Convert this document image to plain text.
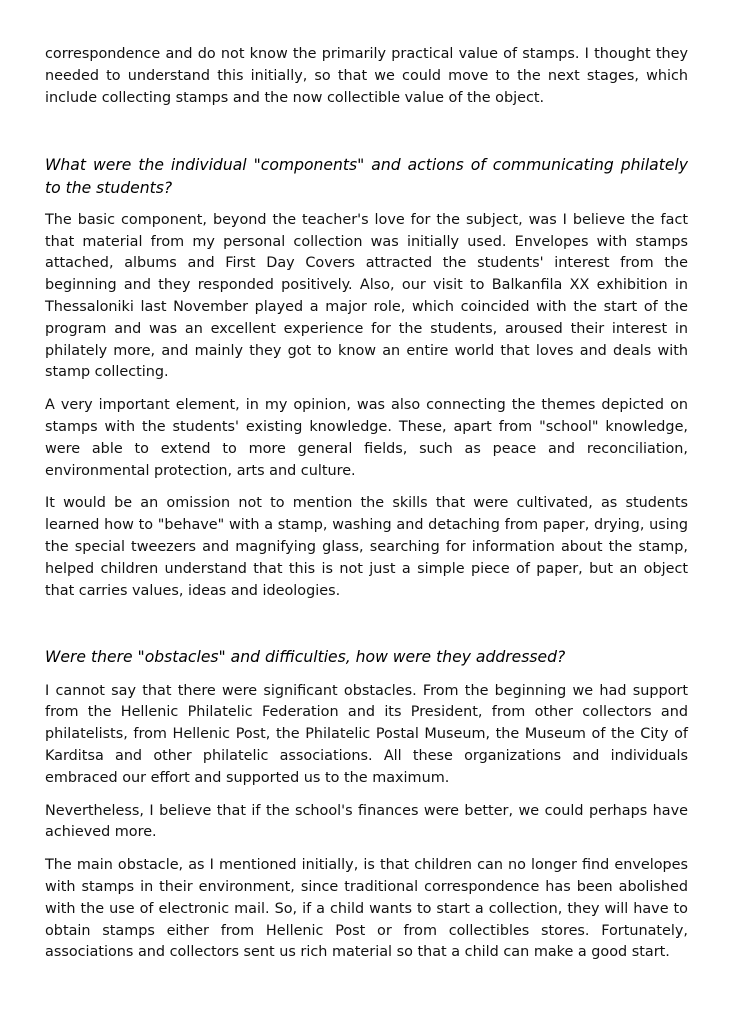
correspondence and do not know the primarily practical value of stamps. I thought they needed to understand this initially, so that we could move to the next stages, which include collecting stamps and the now collectible value of the object.

What were the individual "components" and actions of communicating philately to the students?

The basic component, beyond the teacher's love for the subject, was I believe the fact that material from my personal collection was initially used. Envelopes with stamps attached, albums and First Day Covers attracted the students' interest from the beginning and they responded positively. Also, our visit to Balkanfila XX exhibition in Thessaloniki last November played a major role, which coincided with the start of the program and was an excellent experience for the students, aroused their interest in philately more, and mainly they got to know an entire world that loves and deals with stamp collecting.

A very important element, in my opinion, was also connecting the themes depicted on stamps with the students' existing knowledge. These, apart from "school" knowledge, were able to extend to more general fields, such as peace and reconciliation, environmental protection, arts and culture.

It would be an omission not to mention the skills that were cultivated, as students learned how to "behave" with a stamp, washing and detaching from paper, drying, using the special tweezers and magnifying glass, searching for information about the stamp, helped children understand that this is not just a simple piece of paper, but an object that carries values, ideas and ideologies.

Were there "obstacles" and difficulties, how were they addressed?

I cannot say that there were significant obstacles. From the beginning we had support from the Hellenic Philatelic Federation and its President, from other collectors and philatelists, from Hellenic Post, the Philatelic Postal Museum, the Museum of the City of Karditsa and other philatelic associations. All these organizations and individuals embraced our effort and supported us to the maximum.

Nevertheless, I believe that if the school's finances were better, we could perhaps have achieved more.

The main obstacle, as I mentioned initially, is that children can no longer find envelopes with stamps in their environment, since traditional correspondence has been abolished with the use of electronic mail. So, if a child wants to start a collection, they will have to obtain stamps either from Hellenic Post or from collectibles stores. Fortunately, associations and collectors sent us rich material so that a child can make a good start.
